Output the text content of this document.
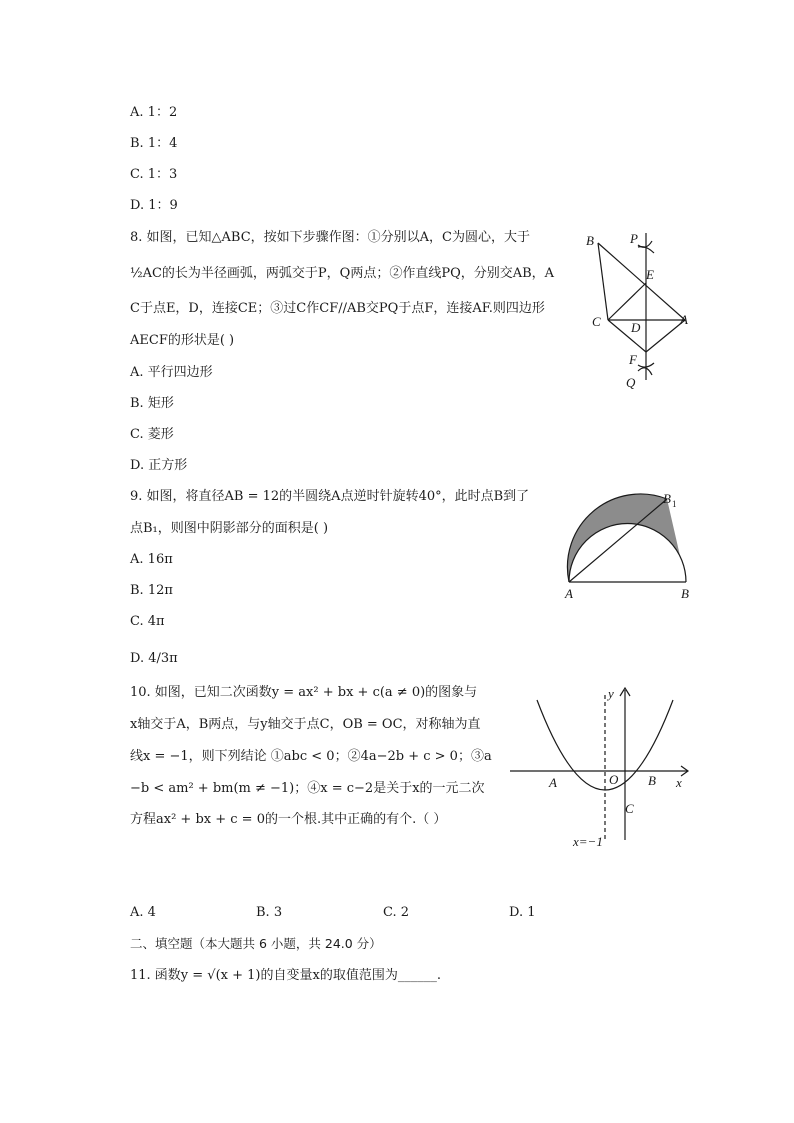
A. 1：2
B. 1：4
C. 1：3
D. 1：9
8. 如图，已知△ABC，按如下步骤作图：①分别以A，C为圆心，大于
½AC的长为半径画弧，两弧交于P，Q两点；②作直线PQ，分别交AB，A
C于点E，D，连接CE；③过C作CF//AB交PQ于点F，连接AF.则四边形
AECF的形状是( )
A. 平行四边形
B. 矩形
C. 菱形
D. 正方形
B	P
E
C D
A
F
Q
9. 如图，将直径AB = 12的半圆绕A点逆时针旋转40°，此时点B到了
点B₁，则图中阴影部分的面积是( )
A. 16π
B. 12π
C. 4π
D. 4/3π
A	B
B 1
10. 如图，已知二次函数y = ax² + bx + c(a ≠ 0)的图象与
x轴交于A，B两点，与y轴交于点C，OB = OC，对称轴为直
线x = −1，则下列结论 ①abc < 0；②4a−2b + c > 0；③a
−b < am² + bm(m ≠ −1)；④x = c−2是关于x的一元二次
方程ax² + bx + c = 0的一个根.其中正确的有个.（ ）
y
x
A	O B
C
x=−1
A. 4	B. 3	C. 2	D. 1
二、填空题（本大题共 6 小题，共 24.0 分）
11. 函数y = √(x + 1)的自变量x的取值范围为______.
